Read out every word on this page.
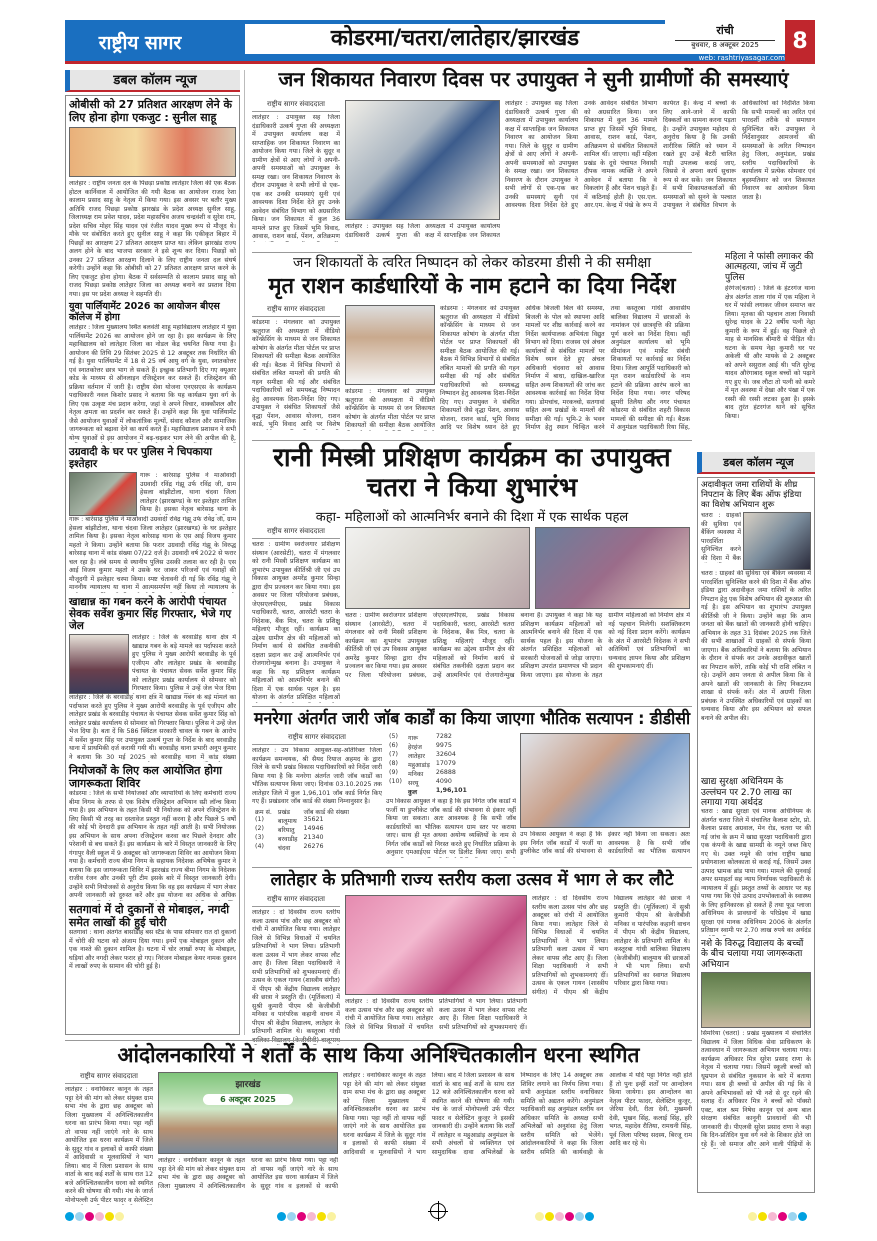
राष्ट्रीय सागर	कोडरमा/चतरा/लातेहार/झारखंड	रांची
बुधवार, 8 अक्टूबर 2025
web: rashtriyasagar.com
8
डबल कॉलम न्यूज
ओबीसी को 27 प्रतिशत आरक्षण लेने के लिए होना होगा एकजुट : सुनील साहू
लातेहार : राष्ट्रीय जनता दल के पिछड़ा प्रकोष्ठ लातेहार जिला की एक बैठक होटल कार्निवाल में आयोजित की गयी बैठक का आयोजन राजद रेशा कालाम प्रसाद साहू के नेतृत्व में किया गया। इस अवसर पर बतौर मुख्य अतिथि राजद पिछड़ा प्रकोष्ठ झारखंड के प्रदेश अध्यक्ष सुनील साहू, जिलाध्यक्ष राम प्रवेश यादव, प्रदेश महासचिव अजय चन्द्रवंशी व सुरेश राम, प्रदेश सचिव मोहर सिंह यादव एवं रंजीत यादव मुख्य रूप से मौजूद थे। मौके पर संबोधित करते हुए सुनील साहू ने कहा कि एकीकृत बिहार में पिछड़ों का आरक्षण 27 प्रतिशत आरक्षण प्राप्त था। लेकिन झारखंड राज्य अलग होने के बाद भाजपा सरकार ने इसे शून्य कर दिया। पिछड़ों को उनका 27 प्रतिशत आरक्षण दिलाने के लिए राष्ट्रीय जनता दल संघर्ष करेगी। उन्होंने कहा कि ओबीसी को 27 प्रतिशत आरक्षण प्राप्त करने के लिए एकजुट होना होगा। बैठक में सर्वसम्मति से कालाम प्रसाद साहू को राजद पिछड़ा प्रकोष्ठ लातेहार जिला का अध्यक्ष बनाने का प्रस्ताव दिया गया। इस पर प्रदेश अध्यक्ष ने सहमति दी।
युवा पार्लियामेंट 2026 का आयोजन बीएस कॉलेज में होगा
लातेहार : जिला मुख्यालय स्थित बलवंती शाहू महाविद्यालय लातेहार में युवा पार्लियामेंट 2026 का आयोजन होने जा रहा है। इस कार्यक्रम के लिए महाविद्यालय को लातेहार जिला का नोडल केंद्र चयनित किया गया है। आयोजन की तिथि 29 सितंबर 2025 से 12 अक्टूबर तक निर्धारित की गई है। युवा पार्लियामेंट में 18 से 25 वर्ष आयु वर्ग के युवा, स्नातकोत्तर एवं स्नातकोत्तर छात्र भाग ले सकते हैं। इच्छुक प्रतिभागी दिए गए क्यूआर कोड के माध्यम से ऑनलाइन रजिस्ट्रेशन कर सकते हैं। रजिस्ट्रेशन की प्रक्रिया वर्तमान में जारी है। राष्ट्रीय सेवा योजना एनएसएस के कार्यक्रम पदाधिकारी नवल किशोर प्रसाद ने बताया कि यह कार्यक्रम युवा वर्ग के लिए एक उत्कृष्ट मंच प्रदान करेगा, जहां वे अपने विचार, वाक्कौशल और नेतृत्व क्षमता का प्रदर्शन कर सकते हैं। उन्होंने कहा कि युवा पार्लियामेंट जैसे आयोजन युवाओं में लोकतांत्रिक मूल्यों, संवाद कौशल और सामाजिक जागरूकता को बढ़ावा देने का कार्य करते हैं। महाविद्यालय प्रशासन ने सभी योग्य युवाओं से इस आयोजन में बढ़-चढ़कर भाग लेने की अपील की है,
उग्रवादी के घर पर पुलिस ने चिपकाया इश्तेहार
गारू : बारेसाढ़ पुलिस ने माओवादी उग्रवादी रविंद्र गंझू उर्फ रविंद्र जी, ग्राम हेसला बांझीटोला, थाना चंदवा जिला लातेहार (झारखण्ड) के घर इश्तेहार तामिल किया है। इसका नेतृत्व बारेसाढ़ थाना के
गारू : बारेसाढ़ पुलिस ने माओवादी उग्रवादी रविंद्र गंझू उर्फ रविंद्र जी, ग्राम हेसला बांझीटोला, थाना चंदवा जिला लातेहार (झारखण्ड) के घर इश्तेहार तामिल किया है। इसका नेतृत्व बारेसाढ़ थाना के एस आई विजय कुमार महतो ने किया। उन्होंने बताया कि फरार उग्रवादी रविंद्र गंझू के विरुद्ध बारेसाढ़ थाना में कांड संख्या 07/22 दर्ज है। उग्रवादी वर्ष 2022 से फरार चल रहा है। लंबे समय से स्थानीय पुलिस उसकी तलाश कर रही है। एस आई विजय कुमार महतो ने उसके घर जाकर परिजनों एवं गवाहों की मौजूदगी में इश्तेहार चस्पा किया। स्पष्ट चेतावनी दी गई कि रविंद्र गंझू ने माननीय न्यायालय या थाना में आत्मसमर्पण नहीं किया तो न्यायालय के
खाद्यान्न का गबन करने के आरोपी पंचायत सेवक सर्वेश कुमार सिंह गिरफ्तार, भेजे गए जेल
लातेहार : जिले के बरवाडीह थाना क्षेत्र में खाद्यान्न गबन के बड़े मामले का पर्दाफाश करते हुए पुलिस ने मुख्य आरोपी बरवाडीह के पूर्व एजीएम और लातेहार प्रखंड के बरवाडीह पंचायत के पंचायत सेवक सर्वेश कुमार सिंह को लातेहार प्रखंड कार्यालय से सोमवार को गिरफ्तार किया। पुलिस ने उन्हें जेल भेज दिया
लातेहार : जिले के बरवाडीह थाना क्षेत्र में खाद्यान्न गबन के बड़े मामले का पर्दाफाश करते हुए पुलिस ने मुख्य आरोपी बरवाडीह के पूर्व एजीएम और लातेहार प्रखंड के बरवाडीह पंचायत के पंचायत सेवक सर्वेश कुमार सिंह को लातेहार प्रखंड कार्यालय से सोमवार को गिरफ्तार किया। पुलिस ने उन्हें जेल भेज दिया है। बता दें कि 586 क्विंटल सरकारी चावल के गबन के आरोप में सर्वेश कुमार सिंह पर उपायुक्त उत्कर्ष गुप्ता के निर्देश के बाद बरवाडीह थाना में प्राथमिकी दर्ज करायी गयी थी। बरवाडीह थाना प्रभारी अनूप कुमार ने बताया कि 30 मई 2025 को बरवाडीह थाना में कांड संख्या
नियोजकों के लिए कल आयोजित होगा जागरूकता शिविर
कोडरमा : जिले के सभी नियोजकों और व्यापारियों के लिए कर्मचारी राज्य बीमा निगम के तरफ से एक विशेष रजिस्ट्रेशन अभियान स्प्री लॉन्च किया गया है। इस अभियान के तहत किसी भी नियोजक को अपने रजिस्ट्रेशन के लिए किसी भी तरह का दस्तावेज प्रस्तुत नहीं करना है और पिछले 5 वर्षों की कोई भी देनदारी इस अभियान के तहत नहीं आती है। सभी नियोजक इस अभियान के साथ अपना रजिस्ट्रेशन करवा कर पिछले देनदार और परेशानी से बच सकते हैं। इस कार्यक्रम के बारे में विस्तृत जानकारी के लिए गंगापुर वैली स्कूल में 9 अक्टूबर को जागरूकता शिविर का आयोजन किया गया है। कर्मचारी राज्य बीमा निगम के सहायक निदेशक अभिषेक कुमार ने बताया कि इस जागरूकता शिविर में झारखंड राज्य बीमा निगम के निदेशक राजीव रंजन और उनकी पूरी टीम इसके बारे में विस्तृत जानकारी देगी। उन्होंने सभी नियोजकों से अनुरोध किया कि वह इस कार्यक्रम में भाग लेकर अपनी जानकारी को दुरुस्त करें और इस योजना का अधिक से अधिक
सतगावां में दो दुकानों से मोबाइल, नगदी समेत लाखों की हुई चोरी
सतगावां : थाना अंतर्गत बासोडीह बस स्टैंड के पास सोमवार रात दो दुकानों में चोरी की घटना को अंजाम दिया गया। इनमें एक मोबाइल दुकान और एक नाश्ते की दुकान शामिल है। घटना में चोर लाखों रुपए के मोबाइल, घड़ियां और नगदी लेकर फरार हो गए। निरंजन मोबाइल केयर नामक दुकान में लाखों रुपए के सामान की चोरी हुई है।
जन शिकायत निवारण दिवस पर उपायुक्त ने सुनी ग्रामीणों की समस्याएं
राष्ट्रीय सागर संवाददाता
लातेहार : उपायुक्त सह जिला दंडाधिकारी उत्कर्ष गुप्ता की अध्यक्षता में उपायुक्त कार्यालय कक्ष में साप्ताहिक जन शिकायत निवारण का आयोजन किया गया। जिले के सुदूर व ग्रामीण क्षेत्रों से आए लोगों ने अपनी-अपनी समस्याओं को उपायुक्त के समक्ष रखा। जन शिकायत निवारण के दौरान उपायुक्त ने सभी लोगों से एक-एक कर उनकी समस्याएं सुनी एवं आवश्यक दिशा निर्देश देते हुए उनके आवेदन संबंधित विभाग को अग्रसारित किया। जन शिकायत में कुल 36 मामले प्राप्त हुए जिसमें भूमि विवाद, आवास, राशन कार्ड, पेंशन, अतिक्रमण
लातेहार : उपायुक्त सह जिला दंडाधिकारी उत्कर्ष गुप्ता की अध्यक्षता में उपायुक्त कार्यालय कक्ष में साप्ताहिक जन शिकायत
लातेहार : उपायुक्त सह जिला दंडाधिकारी उत्कर्ष गुप्ता की अध्यक्षता में उपायुक्त कार्यालय कक्ष में साप्ताहिक जन शिकायत निवारण का आयोजन किया गया। जिले के सुदूर व ग्रामीण क्षेत्रों से आए लोगों ने अपनी-अपनी समस्याओं को उपायुक्त के समक्ष रखा। जन शिकायत निवारण के दौरान उपायुक्त ने सभी लोगों से एक-एक कर उनकी समस्याएं सुनी एवं आवश्यक दिशा निर्देश देते हुए उनके आवेदन संबंधित विभाग को अग्रसारित किया। जन शिकायत में कुल 36 मामले प्राप्त हुए जिसमें भूमि विवाद, आवास, राशन कार्ड, पेंशन, अतिक्रमण से संबंधित शिकायतें शामिल थीं। जाएगा। वहीं महिला प्रखंड के दूधे पंचायत निवासी दीपक नामक व्यक्ति ने अपने आवेदन में बताया कि वे विकलांग हैं और पेंशन चाहते हैं। में कठिनाई होती है। एस.एल. आर.एम. केन्द्र में पंखे के रूप में कार्यरत हैं। केन्द्र में बच्चों के लिए आने-जाने में काफी दिक्कतों का सामना करना पड़ता है। उन्होंने उपायुक्त महोदय से अनुरोध किया है कि उनकी शारीरिक स्थिति को ध्यान में रखते हुए उन्हें बैटरी चालित गाड़ी उपलब्ध कराई जाए, जिससे वे अपना कार्य सुचारू रूप से कर सकें। जन शिकायत में सभी शिकायतकर्ताओं की समस्याओं को सुनने के पश्चात उपायुक्त ने संबंधित विभाग के अधिकारियों को निर्देशित किया कि सभी मामलों का त्वरित एवं पारदर्शी तरीके से समाधान सुनिश्चित करें। उपायुक्त ने निर्देशानुसार आमजनों की समस्याओं के त्वरित निष्पादन हेतु जिला, अनुमंडल, प्रखंड स्तरीय पदाधिकारियों के कार्यालय में प्रत्येक सोमवार एवं बृहस्पतिवार को जन शिकायत निवारण का आयोजन किया जाता है।
जन शिकायतों के त्वरित निष्पादन को लेकर कोडरमा डीसी ने की समीक्षा
मृत राशन कार्डधारियों के नाम हटाने का दिया निर्देश
राष्ट्रीय सागर संवाददाता
कोडरमा : मंगलवार को उपायुक्त ऋतुराज की अध्यक्षता में वीडियो कॉन्फ्रेंसिंग के माध्यम से जन शिकायत कोषांग के अंतर्गत मीता पोर्टल पर प्राप्त शिकायतों की समीक्षा बैठक आयोजित की गई। बैठक में विभिन्न विभागों से संबंधित लंबित मामलों की प्रगति की गहन समीक्षा की गई और संबंधित पदाधिकारियों को समयबद्ध निष्पादन हेतु आवश्यक दिशा-निर्देश दिए गए। उपायुक्त ने संबंधित शिकायतों जैसे वृद्धा पेंशन, आवास योजना, राशन कार्ड, भूमि विवाद आदि पर विशेष
कोडरमा : मंगलवार को उपायुक्त ऋतुराज की अध्यक्षता में वीडियो कॉन्फ्रेंसिंग के माध्यम से जन शिकायत कोषांग के अंतर्गत मीता पोर्टल पर प्राप्त शिकायतों की समीक्षा बैठक आयोजित
कोडरमा : मंगलवार को उपायुक्त ऋतुराज की अध्यक्षता में वीडियो कॉन्फ्रेंसिंग के माध्यम से जन शिकायत कोषांग के अंतर्गत मीता पोर्टल पर प्राप्त शिकायतों की समीक्षा बैठक आयोजित की गई। बैठक में विभिन्न विभागों से संबंधित लंबित मामलों की प्रगति की गहन समीक्षा की गई और संबंधित पदाधिकारियों को समयबद्ध निष्पादन हेतु आवश्यक दिशा-निर्देश दिए गए। उपायुक्त ने संबंधित शिकायतों जैसे वृद्धा पेंशन, आवास योजना, राशन कार्ड, भूमि विवाद आदि पर विशेष ध्यान देते हुए अधिक बिजली बिल की समस्या, बिजली के पोल को स्थापना आदि मामलों पर शीघ्र कार्रवाई करने का निर्देश कार्यपालक अभियंता विद्युत विभाग को दिया। राजस्व एवं अंचल कार्यालयों से संबंधित मामलों पर विशेष ध्यान देते हुए अंचल अधिकारी चंदवारा को आवास निर्माण में बाधा, दाखिल-खारिज सहित अन्य शिकायतों की जांच कर आवश्यक कार्रवाई का निर्देश दिया गया। डोमचांच, मरकच्चो, सतगावां सहित अन्य प्रखंडों के मामलों की समीक्षा की गई। भूमि-2 के भवन निर्माण हेतु स्थान चिन्हित करने तथा कस्तूरबा गांधी आवासीय बालिका विद्यालय में छात्राओं के नामांकन एवं छात्रवृत्ति की प्रक्रिया पूर्ण करने का निर्देश दिया। वहीं अनुमंडल कार्यालय को भूमि सीमांकन एवं मार्केट संबंधी शिकायतों पर कार्रवाई का निर्देश दिया। जिला आपूर्ति पदाधिकारी को मृत राशन कार्डधारियों के नाम हटाने की प्रक्रिया आरंभ करने का निर्देश दिया गया। नगर परिषद झुमरी तिलैया और नगर पंचायत कोडरमा से संबंधित शहरी विकास मामलों की समीक्षा की गई। बैठक में अनुमंडल पदाधिकारी रिया सिंह,
महिला ने फांसी लगाकर की आत्महत्या, जांच में जुटी पुलिस
हेरंगंज(चतरा) : जिले के हंटरगंज थाना क्षेत्र अंतर्गत ताला गांव में एक महिला ने घर में फांसी लगाकर जीवन समाप्त कर लिया। मृतका की पहचान ताला निवासी सुरेन्द्र यादव के 22 वर्षीय पत्नी नेहा कुमारी के रूप में हुई। वह पिछले दो माह से मानसिक बीमारी से पीड़ित थी। घटना के समय नेहा कुमारी घर पर अकेली थी और मायके से 2 अक्टूबर को अपने ससुराल आई थी। पति सुरेन्द्र यादव औरंगाबाद स्कूल बच्चों को पढ़ाने गए हुए थे। जब लौटा तो पत्नी को कमरे में मृत अवस्था में देखा और पंखा में एक रस्सी की रस्सी लटका हुआ है। इसके बाद तुरंत हंटरगंज थाने को सूचित किया।
रानी मिस्त्री प्रशिक्षण कार्यक्रम का उपायुक्त चतरा ने किया शुभारंभ
कहा- महिलाओं को आत्मनिर्भर बनाने की दिशा में एक सार्थक पहल
राष्ट्रीय सागर संवाददाता
चतरा : ग्रामीण स्वरोजगार प्रशिक्षण संस्थान (आरसेटी), चतरा में मंगलवार को रानी मिस्त्री प्रशिक्षण कार्यक्रम का शुभारंभ उपायुक्त कीर्तिश्री जी एवं उप विकास आयुक्त अमरेंद्र कुमार सिन्हा द्वारा दीप प्रज्वलन कर किया गया। इस अवसर पर जिला परियोजना प्रबंधक, जेएसएलपीएस, प्रखंड विकास पदाधिकारी, चतरा, आरसेटी चतरा के निदेशक, बैंक मित्र, चतरा के प्रशिक्षु महिलाएं मौजूद रहीं। कार्यक्रम का उद्देश्य ग्रामीण क्षेत्र की महिलाओं को निर्माण कार्य से संबंधित तकनीकी दक्षता प्रदान कर उन्हें आत्मनिर्भर एवं रोजगारोन्मुख बनाना है। उपायुक्त ने कहा कि यह प्रशिक्षण कार्यक्रम महिलाओं को आत्मनिर्भर बनाने की दिशा में एक सार्थक पहल है। इस योजना के अंतर्गत प्रशिक्षित महिलाओं
चतरा : ग्रामीण स्वरोजगार प्रशिक्षण संस्थान (आरसेटी), चतरा में मंगलवार को रानी मिस्त्री प्रशिक्षण कार्यक्रम का शुभारंभ उपायुक्त कीर्तिश्री जी एवं उप विकास आयुक्त अमरेंद्र कुमार सिन्हा द्वारा दीप प्रज्वलन कर किया गया। इस अवसर पर जिला परियोजना प्रबंधक, जेएसएलपीएस, प्रखंड विकास पदाधिकारी, चतरा, आरसेटी चतरा के निदेशक, बैंक मित्र, चतरा के प्रशिक्षु महिलाएं मौजूद रहीं। कार्यक्रम का उद्देश्य ग्रामीण क्षेत्र की महिलाओं को निर्माण कार्य से संबंधित तकनीकी दक्षता प्रदान कर उन्हें आत्मनिर्भर एवं रोजगारोन्मुख बनाना है। उपायुक्त ने कहा कि यह प्रशिक्षण कार्यक्रम महिलाओं को आत्मनिर्भर बनाने की दिशा में एक सार्थक पहल है। इस योजना के अंतर्गत प्रशिक्षित महिलाओं को सरकारी योजनाओं से जोड़ा जाएगा। प्रशिक्षण उपरांत प्रमाणपत्र भी प्रदान किया जाएगा। इस योजना के तहत ग्रामीण महिलाओं को निर्माण क्षेत्र में नई पहचान मिलेगी। सशक्तिकरण को नई दिशा प्रदान करेंगे। कार्यक्रम के अंत में आरसेटी निदेशक ने सभी अतिथियों एवं प्रतिभागियों का धन्यवाद ज्ञापन किया और प्रशिक्षण की शुभकामनाएं दीं।
मनरेगा अंतर्गत जारी जॉब कार्डों का किया जाएगा भौतिक सत्यापन : डीडीसी
राष्ट्रीय सागर संवाददाता
लातेहार : उप विकास आयुक्त-सह-अतिरिक्त जिला कार्यक्रम समन्वयक, श्री सैयद रियाज अहमद के द्वारा जिले के सभी प्रखंड विकास पदाधिकारियों को निर्देश जारी किया गया है कि मनरेगा अंतर्गत जारी जॉब कार्डों का भौतिक सत्यापन किया जाए। दिनांक 03.10.2025 तक लातेहार जिले में कुल 1,96,101 जॉब कार्ड निर्गत किए गए हैं। प्रखंडवार जॉब कार्ड की संख्या निम्नानुसार है।
क्रम सं.	प्रखंड	जॉब कार्ड की संख्या
(1)	बालूमाथ	35621
(2)	बरियातु	14946
(3)	बरवाडीह	21340
(4)	चंदवा	26276
(5)	गारू	7282
(6)	हेरहंज	9975
(7)	लातेहार	32604
(8)	महुआडांड़	17079
(9)	मनिका	26888
(10)	सरयू	4090
	कुल	1,96,101
उप विकास आयुक्त ने कहा है कि इस निर्गत जॉब कार्डों में फर्जी या डुप्लीकेट जॉब कार्ड की संभावना से इंकार नहीं किया जा सकता। अतः आवश्यक है कि सभी जॉब कार्डधारियों का भौतिक सत्यापन ग्राम स्तर पर कराया जाए। साथ ही मृत अथवा अयोग्य व्यक्तियों के नाम से निर्गत जॉब कार्डों को निरस्त करते हुए निर्धारित प्रक्रिया के अनुसार एमआईएस पोर्टल पर डिलीट किया जाए। सभी
उप विकास आयुक्त ने कहा है कि इस निर्गत जॉब कार्डों में फर्जी या डुप्लीकेट जॉब कार्ड की संभावना से इंकार नहीं किया जा सकता। अतः आवश्यक है कि सभी जॉब कार्डधारियों का भौतिक सत्यापन
लातेहार के प्रतिभागी राज्य स्तरीय कला उत्सव में भाग ले कर लौटे
राष्ट्रीय सागर संवाददाता
लातेहार : दो दिवसीय राज्य स्तरीय कला उत्सव पांच और छह अक्टूबर को रांची में आयोजित किया गया। लातेहार जिले से विभिन्न विधाओं में चयनित प्रतिभागियों ने भाग लिया। प्रतिभागी कला उत्सव में भाग लेकर वापस लौट आए हैं। जिला शिक्षा पदाधिकारी ने सभी प्रतिभागियों को शुभकामनाएं दीं। उत्सव के एकल गायन (शास्त्रीय संगीत) में पीएम श्री केंद्रीय विद्यालय लातेहार की छात्रा ने प्रस्तुति दी। (मूर्तिकला) में सुश्री कुमारी पीएम श्री केजीबीवी मनिका व पारंपरिक कहानी वाचन में पीएम श्री केंद्रीय विद्यालय, लातेहार के प्रतिभागी शामिल थे। कस्तूरबा गांधी बालिका विद्यालय (केजीबीवी) बालूमाथ
लातेहार : दो दिवसीय राज्य स्तरीय कला उत्सव पांच और छह अक्टूबर को रांची में आयोजित किया गया। लातेहार जिले से विभिन्न विधाओं में चयनित प्रतिभागियों ने भाग लिया। प्रतिभागी कला उत्सव में भाग लेकर वापस लौट आए हैं। जिला शिक्षा पदाधिकारी ने सभी प्रतिभागियों को शुभकामनाएं दीं।
लातेहार : दो दिवसीय राज्य स्तरीय कला उत्सव पांच और छह अक्टूबर को रांची में आयोजित किया गया। लातेहार जिले से विभिन्न विधाओं में चयनित प्रतिभागियों ने भाग लिया। प्रतिभागी कला उत्सव में भाग लेकर वापस लौट आए हैं। जिला शिक्षा पदाधिकारी ने सभी प्रतिभागियों को शुभकामनाएं दीं। उत्सव के एकल गायन (शास्त्रीय संगीत) में पीएम श्री केंद्रीय विद्यालय लातेहार की छात्रा ने प्रस्तुति दी। (मूर्तिकला) में सुश्री कुमारी पीएम श्री केजीबीवी मनिका व पारंपरिक कहानी वाचन में पीएम श्री केंद्रीय विद्यालय, लातेहार के प्रतिभागी शामिल थे। कस्तूरबा गांधी बालिका विद्यालय (केजीबीवी) बालूमाथ की छात्राओं ने भी भाग लिया। सभी प्रतिभागियों का स्वागत विद्यालय परिवार द्वारा किया गया।
डबल कॉलम न्यूज
अदावीकृत जमा राशियों के शीघ्र निपटान के लिए बैंक ऑफ इंडिया का विशेष अभियान शुरू
चतरा : ग्राहकों की सुविधा एवं बैंकिंग व्यवस्था में पारदर्शिता सुनिश्चित करने की दिशा में बैंक
चतरा : ग्राहकों की सुविधा एवं बैंकिंग व्यवस्था में पारदर्शिता सुनिश्चित करने की दिशा में बैंक ऑफ इंडिया द्वारा अदावीकृत जमा राशियों के त्वरित निपटान हेतु एक विशेष अभियान की शुरुआत की गई है। इस अभियान का शुभारंभ उपायुक्त कीर्तिश्री जी ने किया। उन्होंने कहा कि आम जनता को बैंक खातों की जानकारी होनी चाहिए। अभियान के तहत 31 दिसंबर 2025 तक जिले की सभी शाखाओं में ग्राहकों से संपर्क किया जाएगा। बैंक अधिकारियों ने बताया कि अभियान के दौरान वे संपर्क कर उनके अदावीकृत खातों का निपटान करेंगे, ताकि कोई भी राशि लंबित न रहे। उन्होंने आम जनता से अपील किया कि वे अपने खातों की जानकारी के लिए निकटतम शाखा से संपर्क करें। अंत में अग्रणी जिला प्रबंधक ने उपस्थित अधिकारियों एवं ग्राहकों का धन्यवाद किया और इस अभियान को सफल बनाने की अपील की।
खाद्य सुरक्षा अधिनियम के उल्लंघन पर 2.70 लाख का लगाया गया अर्थदंड
चतरा : खाद्य सुरक्षा एवं मानक अधिनियम के अंतर्गत चतरा जिले में संचालित कैलाश स्टोर, प्रो. कैलाश प्रसाद अग्रवाल, मेन रोड, चतरा पर की गई जांच के क्रम में खाद्य सुरक्षा पदाधिकारी द्वारा एक कंपनी के खाद्य सामग्री के नमूने जब्त किए गए थे। उक्त नमूने की जांच राष्ट्रीय खाद्य प्रयोगशाला कोलकाता से कराई गई, जिसमें उक्त उत्पाद भ्रामक ब्रांड पाया गया। मामले की सुनवाई अपर समाहर्ता सह न्याय निर्णायक पदाधिकारी के न्यायालय में हुई। प्रस्तुत तथ्यों के आधार पर यह पाया गया कि ऐसे उत्पाद उपभोक्ताओं के स्वास्थ्य के लिए हानिकारक हो सकते हैं तथा फूड प्लाजा अधिनियम के प्रावधानों के परिप्रेक्ष्य में खाद्य सुरक्षा एवं मानक अधिनियम 2006 के अंतर्गत प्रतिष्ठान स्वामी पर 2.70 लाख रुपये का अर्थदंड
नशे के विरुद्ध विद्यालय के बच्चों के बीच चलाया गया जागरूकता अभियान
सिमरिया (चतरा) : प्रखंड मुख्यालय में संचालित विद्यालय में जिला विधिक सेवा प्राधिकरण के तत्वावधान में जागरूकता अभियान चलाया गया। कार्यक्रम अधिकार मित्र सुरेश प्रसाद राणा के नेतृत्व में चलाया गया। जिसमें स्कूली बच्चों को धूम्रपान से संबंधित नुकसान के बारे में बताया गया। साथ ही बच्चों से अपील की गई कि वे अपने अभिभावकों को भी नशे से दूर रहने की सलाह दें। अधिकार मित्र ने बच्चों को पॉक्सो एक्ट, बाल श्रम निषेध कानून एवं अन्य बाल संरक्षण संबंधित कानूनी प्रावधानों की भी जानकारी दी। पीएलवी सुरेश प्रसाद राणा ने कहा कि दिन-प्रतिदिन युवा वर्ग नशे के शिकार होते जा रहे हैं। जो समाज और आने वाली पीढ़ियों के
आंदोलनकारियों ने शर्तों के साथ किया अनिश्चितकालीन धरना स्थगित
राष्ट्रीय सागर संवाददाता
लातेहार : वनाधिकार कानून के तहत पट्टा देने की मांग को लेकर संयुक्त ग्राम सभा मंच के द्वारा छह अक्टूबर को जिला मुख्यालय में अनिश्चितकालीन धरना का प्रारंभ किया गया। पट्टा नहीं तो वापस नहीं जाएंगे नारे के साथ आयोजित इस धरना कार्यक्रम में जिले के सुदूर गांव व इलाकों से काफी संख्या में आदिवासी व मूलवासियों ने भाग लिया। बाद में जिला प्रशासन के साथ वार्ता के बाद कई शर्तों के साथ रात 12 बजे अनिश्चितकालीन धरना को स्थगित करने की घोषणा की गयी। मंच के जार्ज मोनोपल्ली उर्फ पीटर फादर व सेलेस्टिन
झारखंड
6 अक्टूबर 2025
लातेहार : वनाधिकार कानून के तहत पट्टा देने की मांग को लेकर संयुक्त ग्राम सभा मंच के द्वारा छह अक्टूबर को जिला मुख्यालय में अनिश्चितकालीन धरना का प्रारंभ किया गया। पट्टा नहीं तो वापस नहीं जाएंगे नारे के साथ आयोजित इस धरना कार्यक्रम में जिले के सुदूर गांव व इलाकों से काफी
लातेहार : वनाधिकार कानून के तहत पट्टा देने की मांग को लेकर संयुक्त ग्राम सभा मंच के द्वारा छह अक्टूबर को जिला मुख्यालय में अनिश्चितकालीन धरना का प्रारंभ किया गया। पट्टा नहीं तो वापस नहीं जाएंगे नारे के साथ आयोजित इस धरना कार्यक्रम में जिले के सुदूर गांव व इलाकों से काफी संख्या में आदिवासी व मूलवासियों ने भाग लिया। बाद में जिला प्रशासन के साथ वार्ता के बाद कई शर्तों के साथ रात 12 बजे अनिश्चितकालीन धरना को स्थगित करने की घोषणा की गयी। मंच के जार्ज मोनोपल्ली उर्फ पीटर फादर व सेलेस्टिन कुजूर ने इसकी जानकारी दी। उन्होंने बताया कि शर्तों में लातेहार व महुआडांड़ अनुमंडल के सभी अंचलों से व्यक्तिगत एवं सामुदायिक दावा अभिलेखों के निष्पादन के लिए 14 अक्टूबर तक शिविर लगाने का निर्णय लिया गया। सभी अनुमंडल स्तरीय वनाधिकार समिति को अद्यतन करेंगे। अनुमंडल पदाधिकारी सह अनुमंडल स्तरीय वन अधिकार समिति के अध्यक्ष सभी अभिलेखों को अनुशंसा हेतु जिला स्तरीय समिति को भेजेंगे। आंदोलनकारियों ने कहा कि जिला स्तरीय समिति की कार्यवाही के आलोक में यदि पट्टा निर्गत नहीं होते हैं तो पुनः इन्हीं शर्तों पर आन्दोलन किया जायेगा। इस आन्दोलन का नेतृत्व पीटर फादर, सेलेस्टिन कुजूर, जेरिया देवी, रीता देवी, मुखमनी देवी, भूखन सिंह, कलाई सिंह, हरि भगत, महादेव रौतिया, रामधनी सिंह, पूर्व जिला परिषद सदस्य, बिरजू राम आदि कर रहे थे।
